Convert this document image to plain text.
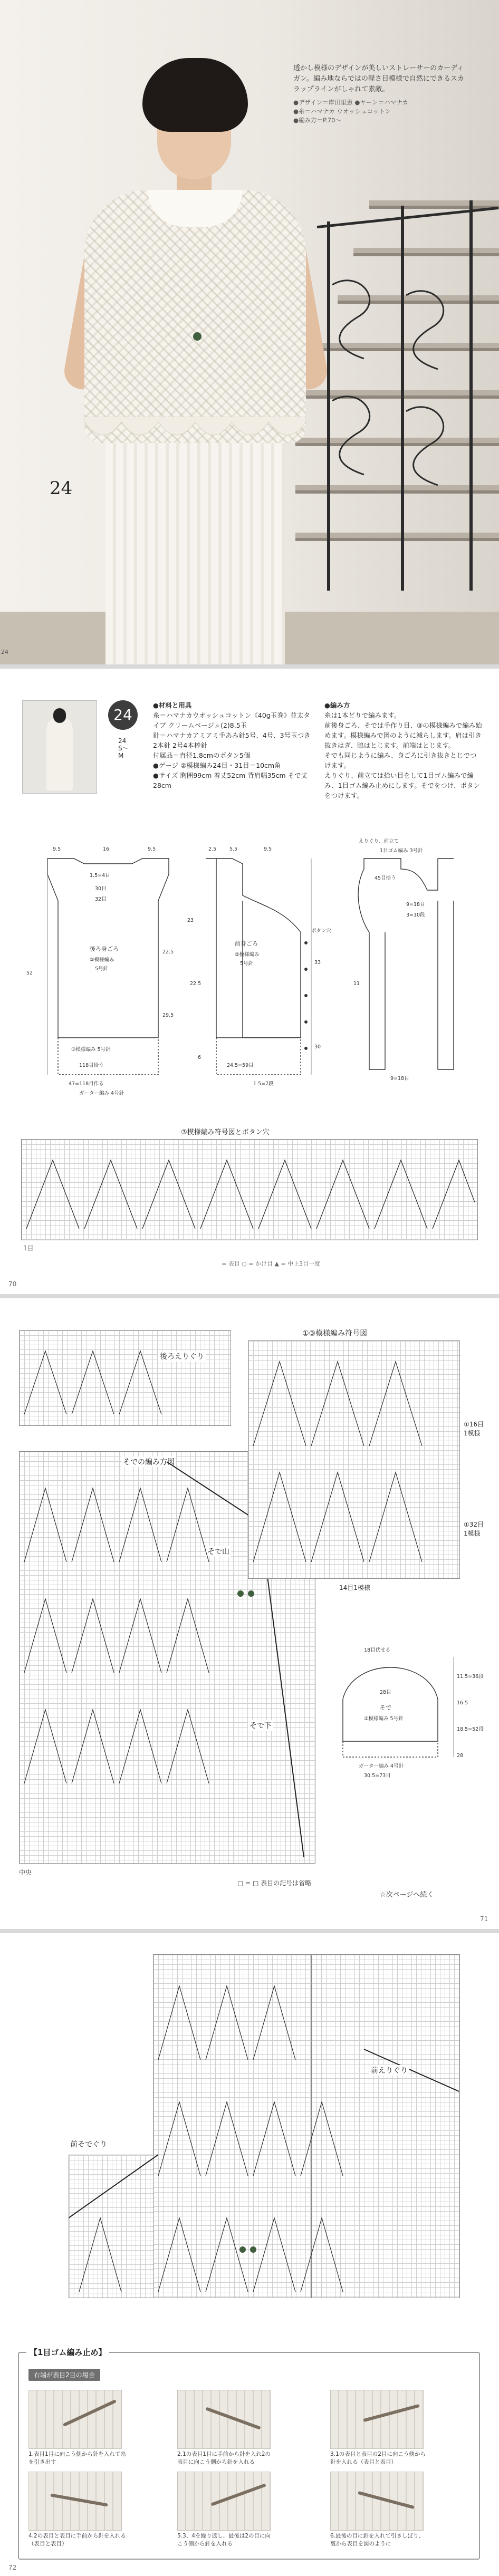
透かし模様のデザインが美しいストレーサーのカーディガン。編み地ならではの軽さ目模様で自然にできるスカラップラインがしゃれて素敵。
●デザイン＝岸田里恵 ●ヤーン＝ハマナカ
●糸＝ハマナカ ウオッシュコットン
●編み方＝P.70〜
24
24
24
24 S〜M
●材料と用具
糸＝ハマナカウオッシュコットン《40g玉巻》並太タイプ クリームベージュ(2)8.5玉
針＝ハマナカアミアミ手あみ針5号、4号、3号玉つき2本針 2号4本棒針
付属品＝直径1.8cmのボタン5個
●ゲージ ②模様編み24目・31目＝10cm角
●サイズ 胸囲99cm 着丈52cm 背肩幅35cm そで丈28cm
●編み方
糸は1本どりで編みます。
前後身ごろ、そでは手作り目、③の模様編みで編み始めます。模様編みで図のように減らします。肩は引き抜きはぎ、脇はとじます。前端はとじます。
そでも同じように編み、身ごろに引き抜きとじでつけます。
えりぐり、前立ては拾い目をして1目ゴム編みで編み、1目ゴム編み止めにします。そでをつけ、ボタンをつけます。
後ろ身ごろ
②模様編み
5号針
③模様編み 5号針
9.5	16	9.5
1.5=4目
30目
32目
22.5
52
29.5
118目拾う
47=118目作る
ガーター編み 4号針
前身ごろ
②模様編み
5号針
2.5	5.5	9.5
23
22.5
33
24.5=59目
6
30
1.5=7段
ボタン穴
えりぐり、前立て
1目ゴム編み 3号針
45目拾う
9=18目
3=10段
9=18目
11
③模様編み符号図とボタン穴
1目
= 表目 ○ = かけ目 ▲ = 中上3目一度
70
後ろえりぐり
そでの編み方図
そで山
そで下
①③模様編み符号図
①16目1模様
①32目1模様
14目1模様
そで
②模様編み 5号針
ガーター編み 4号針
18目伏せる
11.5=36段
16.5
18.5=52段
28
28目
30.5=73目
中央
□ = □ 表目の記号は省略
☆次ページへ続く
71
前えりぐり
前そでぐり
右端が表目2目の場合
1.表目1目に向こう側から針を入れて糸を引き出す
2.1の表目1目に手前から針を入れ2の表目に向こう側から針を入れる
3.1の表目と表目の2目に向こう側から針を入れる（表目と表目）
4.2の表目と表目に手前から針を入れる（表目と表目）
5.3、4を繰り返し、最後は2の目に向こう側から針を入れる
6.最後の目に針を入れて引きしぼり、裏から表目を図のように
【1目ゴム編み止め】
72
